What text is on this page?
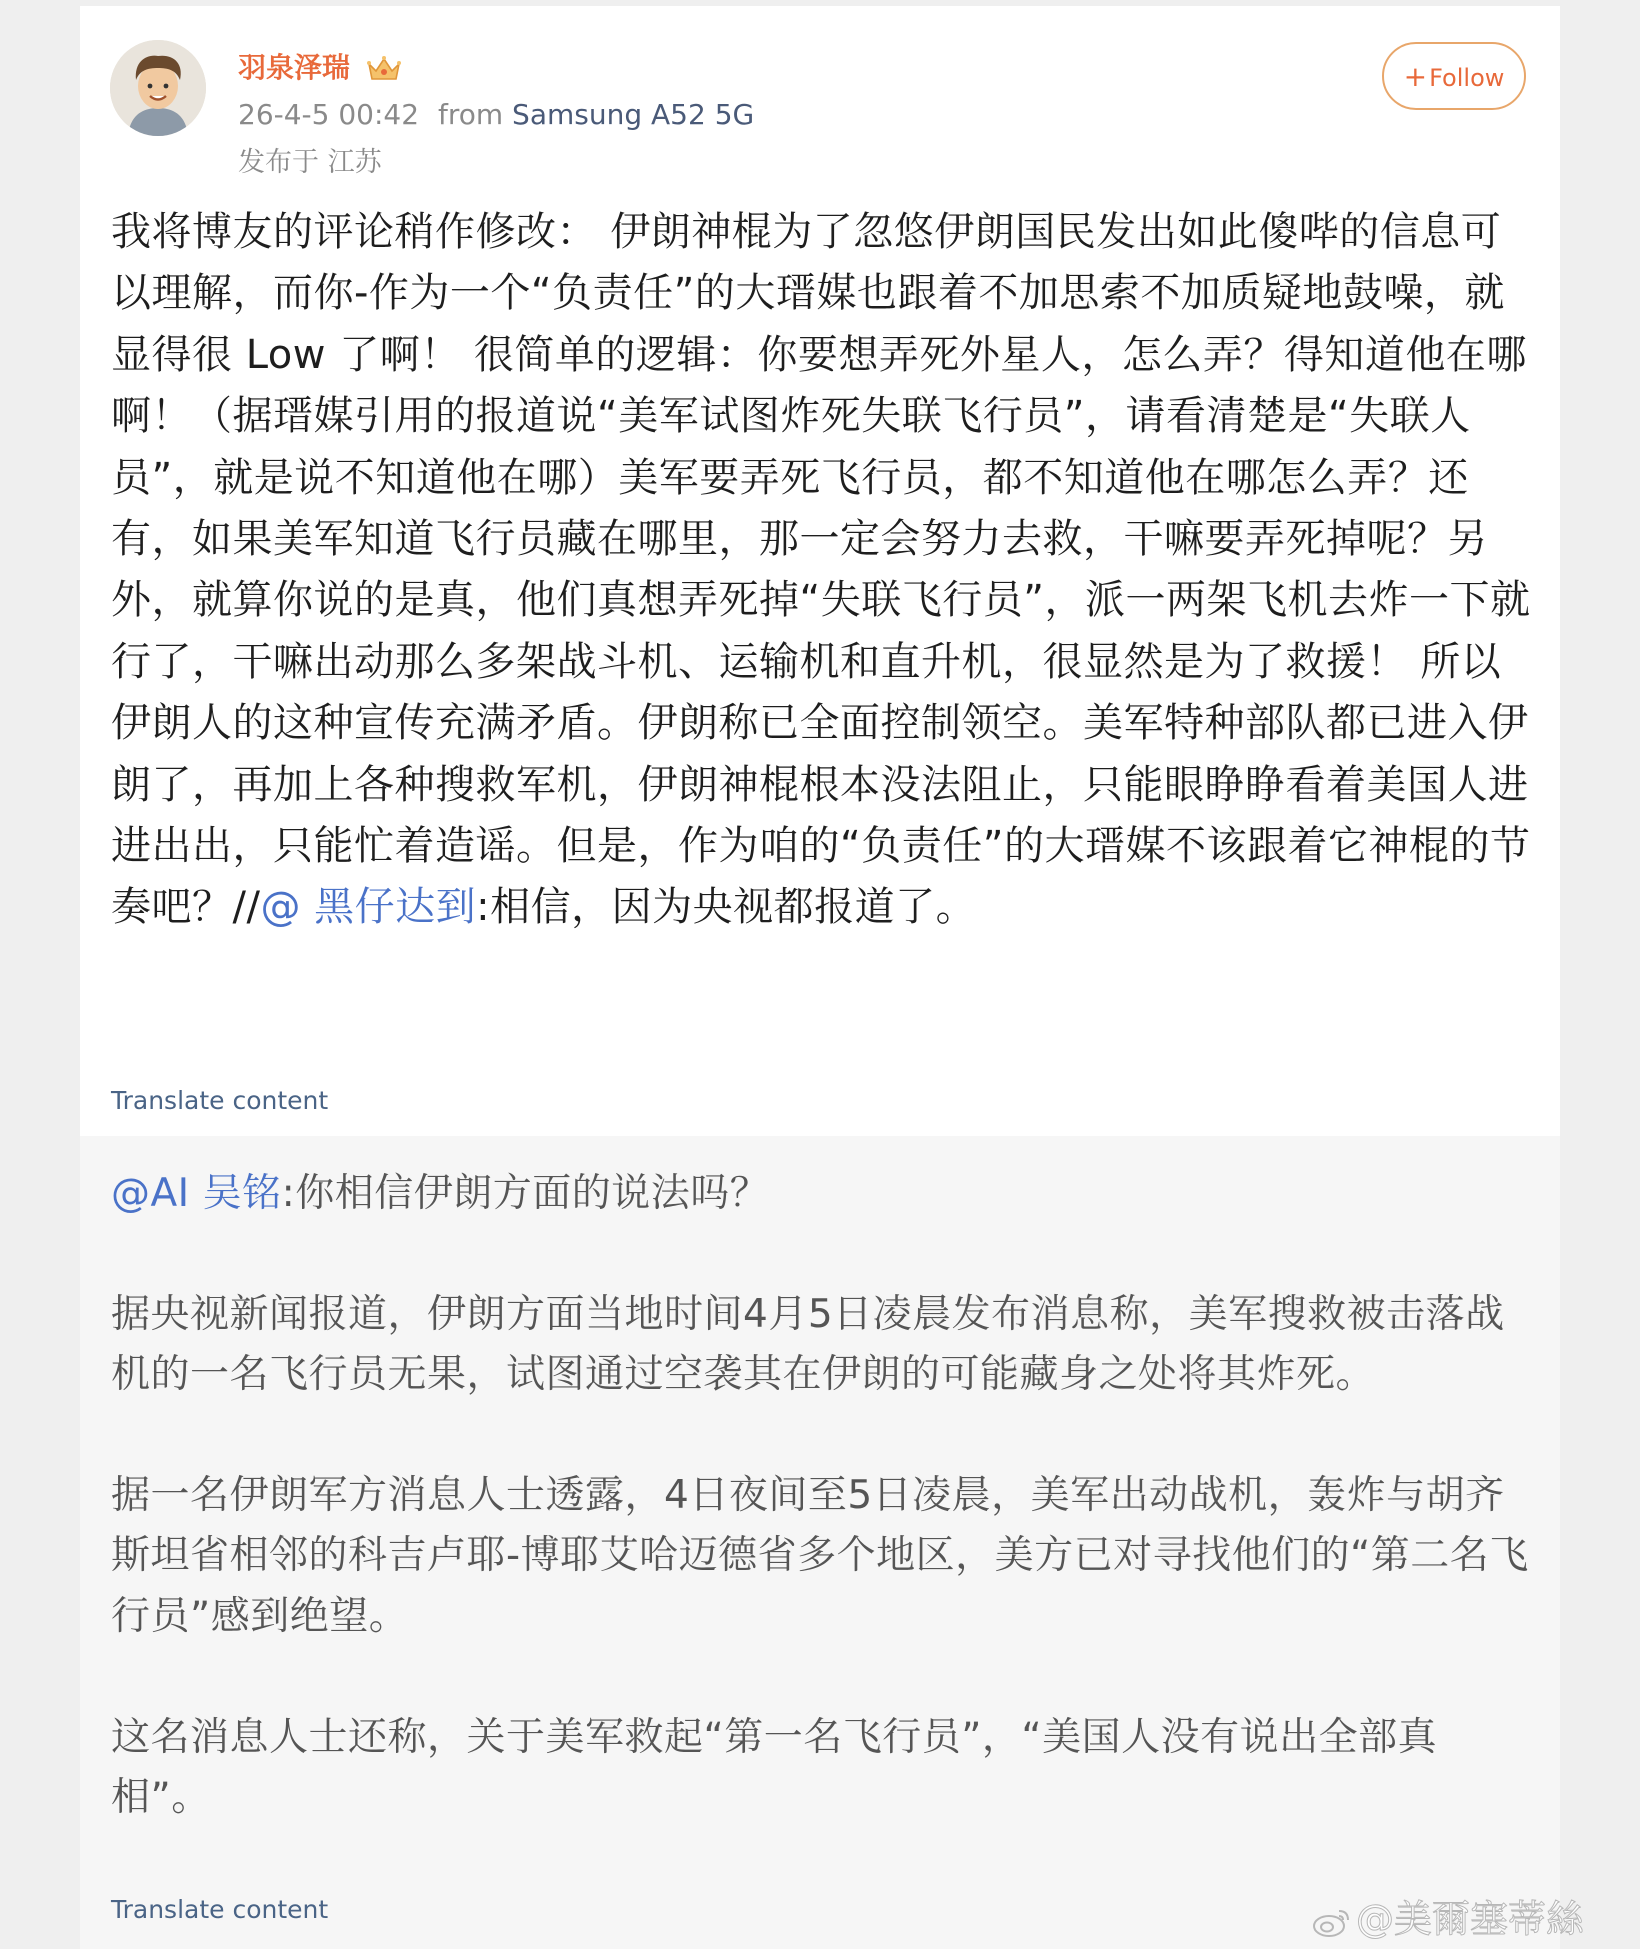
羽泉泽瑞
26-4-5 00:42 from Samsung A52 5G
发布于 江苏
+Follow
我将博友的评论稍作修改： 伊朗神棍为了忽悠伊朗国民发出如此傻哔的信息可以理解，而你-作为一个“负责任”的大瑨媒也跟着不加思索不加质疑地鼓噪，就显得很 Low 了啊！ 很简单的逻辑：你要想弄死外星人，怎么弄？得知道他在哪啊！（据瑨媒引用的报道说“美军试图炸死失联飞行员”，请看清楚是“失联人员”，就是说不知道他在哪）美军要弄死飞行员，都不知道他在哪怎么弄？还有，如果美军知道飞行员藏在哪里，那一定会努力去救，干嘛要弄死掉呢？另外，就算你说的是真，他们真想弄死掉“失联飞行员”，派一两架飞机去炸一下就行了，干嘛出动那么多架战斗机、运输机和直升机，很显然是为了救援！ 所以伊朗人的这种宣传充满矛盾。伊朗称已全面控制领空。美军特种部队都已进入伊朗了，再加上各种搜救军机，伊朗神棍根本没法阻止，只能眼睁睁看着美国人进进出出，只能忙着造谣。但是，作为咱的“负责任”的大瑨媒不该跟着它神棍的节奏吧？//@ 黑仔达到:相信，因为央视都报道了。
Translate content

@AI 吴铭:你相信伊朗方面的说法吗？

据央视新闻报道，伊朗方面当地时间4月5日凌晨发布消息称，美军搜救被击落战机的一名飞行员无果，试图通过空袭其在伊朗的可能藏身之处将其炸死。

据一名伊朗军方消息人士透露，4日夜间至5日凌晨，美军出动战机，轰炸与胡齐斯坦省相邻的科吉卢耶-博耶艾哈迈德省多个地区，美方已对寻找他们的“第二名飞行员”感到绝望。

这名消息人士还称，关于美军救起“第一名飞行员”，“美国人没有说出全部真相”。

Translate content	@美爾塞蒂絲
